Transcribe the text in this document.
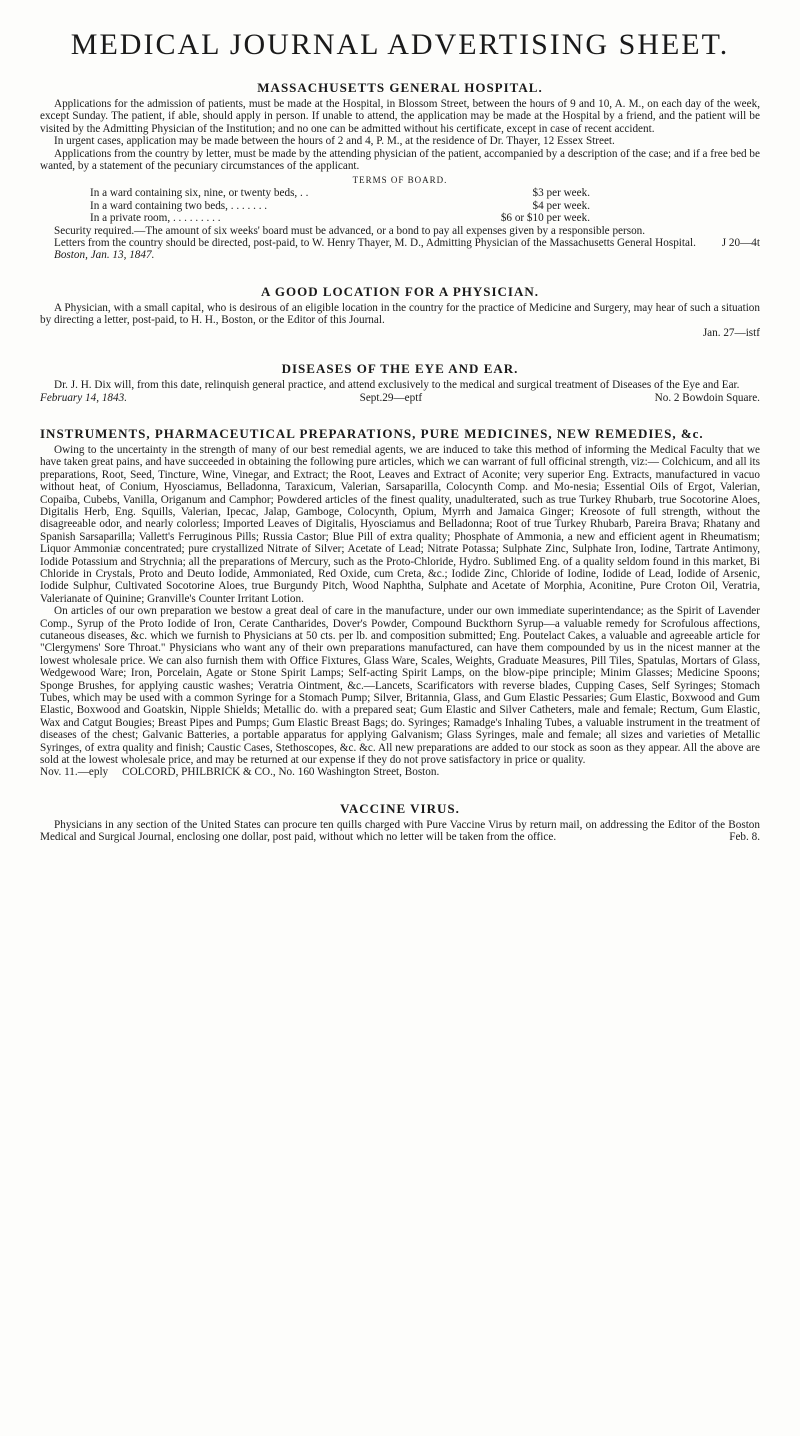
MEDICAL JOURNAL ADVERTISING SHEET.
MASSACHUSETTS GENERAL HOSPITAL.

Applications for the admission of patients, must be made at the Hospital, in Blossom Street, between the hours of 9 and 10, A. M., on each day of the week, except Sunday. The patient, if able, should apply in person. If unable to attend, the application may be made at the Hospital by a friend, and the patient will be visited by the Admitting Physician of the Institution; and no one can be admitted without his certificate, except in case of recent accident.

In urgent cases, application may be made between the hours of 2 and 4, P. M., at the residence of Dr. Thayer, 12 Essex Street.

Applications from the country by letter, must be made by the attending physician of the patient, accompanied by a description of the case; and if a free bed be wanted, by a statement of the pecuniary circumstances of the applicant.

TERMS OF BOARD.
In a ward containing six, nine, or twenty beds, . .	$3 per week.
In a ward containing two beds, . . . . . . .	$4 per week.
In a private room, . . . . . . . . .	$6 or $10 per week.

Security required.—The amount of six weeks' board must be advanced, or a bond to pay all expenses given by a responsible person.

Letters from the country should be directed, post-paid, to W. Henry Thayer, M. D., Admitting Physician of the Massachusetts General Hospital.	J 20—4t

Boston, Jan. 13, 1847.

A GOOD LOCATION FOR A PHYSICIAN.

A Physician, with a small capital, who is desirous of an eligible location in the country for the practice of Medicine and Surgery, may hear of such a situation by directing a letter, post-paid, to H. H., Boston, or the Editor of this Journal.

Jan. 27—istf

DISEASES OF THE EYE AND EAR.

Dr. J. H. Dix will, from this date, relinquish general practice, and attend exclusively to the medical and surgical treatment of Diseases of the Eye and Ear.

February 14, 1843.	Sept.29—eptf	No. 2 Bowdoin Square.
INSTRUMENTS, PHARMACEUTICAL PREPARATIONS, PURE MEDICINES, NEW REMEDIES, &c.

Owing to the uncertainty in the strength of many of our best remedial agents, we are induced to take this method of informing the Medical Faculty that we have taken great pains, and have succeeded in obtaining the following pure articles, which we can warrant of full officinal strength, viz:— Colchicum, and all its preparations, Root, Seed, Tincture, Wine, Vinegar, and Extract; the Root, Leaves and Extract of Aconite; very superior Eng. Extracts, manufactured in vacuo without heat, of Conium, Hyosciamus, Belladonna, Taraxicum, Valerian, Sarsaparilla, Colocynth Comp. and Mo-nesia; Essential Oils of Ergot, Valerian, Copaiba, Cubebs, Vanilla, Origanum and Camphor; Powdered articles of the finest quality, unadulterated, such as true Turkey Rhubarb, true Socotorine Aloes, Digitalis Herb, Eng. Squills, Valerian, Ipecac, Jalap, Gamboge, Colocynth, Opium, Myrrh and Jamaica Ginger; Kreosote of full strength, without the disagreeable odor, and nearly colorless; Imported Leaves of Digitalis, Hyosciamus and Belladonna; Root of true Turkey Rhubarb, Pareira Brava; Rhatany and Spanish Sarsaparilla; Vallett's Ferruginous Pills; Russia Castor; Blue Pill of extra quality; Phosphate of Ammonia, a new and efficient agent in Rheumatism; Liquor Ammoniæ concentrated; pure crystallized Nitrate of Silver; Acetate of Lead; Nitrate Potassa; Sulphate Zinc, Sulphate Iron, Iodine, Tartrate Antimony, Iodide Potassium and Strychnia; all the preparations of Mercury, such as the Proto-Chloride, Hydro. Sublimed Eng. of a quality seldom found in this market, Bi Chloride in Crystals, Proto and Deuto Iodide, Ammoniated, Red Oxide, cum Creta, &c.; Iodide Zinc, Chloride of Iodine, Iodide of Lead, Iodide of Arsenic, Iodide Sulphur, Cultivated Socotorine Aloes, true Burgundy Pitch, Wood Naphtha, Sulphate and Acetate of Morphia, Aconitine, Pure Croton Oil, Veratria, Valerianate of Quinine; Granville's Counter Irritant Lotion.

On articles of our own preparation we bestow a great deal of care in the manufacture, under our own immediate superintendance; as the Spirit of Lavender Comp., Syrup of the Proto Iodide of Iron, Cerate Cantharides, Dover's Powder, Compound Buckthorn Syrup—a valuable remedy for Scrofulous affections, cutaneous diseases, &c. which we furnish to Physicians at 50 cts. per lb. and composition submitted; Eng. Poutelact Cakes, a valuable and agreeable article for "Clergymens' Sore Throat." Physicians who want any of their own preparations manufactured, can have them compounded by us in the nicest manner at the lowest wholesale price. We can also furnish them with Office Fixtures, Glass Ware, Scales, Weights, Graduate Measures, Pill Tiles, Spatulas, Mortars of Glass, Wedgewood Ware; Iron, Porcelain, Agate or Stone Spirit Lamps; Self-acting Spirit Lamps, on the blow-pipe principle; Minim Glasses; Medicine Spoons; Sponge Brushes, for applying caustic washes; Veratria Ointment, &c.—Lancets, Scarificators with reverse blades, Cupping Cases, Self Syringes; Stomach Tubes, which may be used with a common Syringe for a Stomach Pump; Silver, Britannia, Glass, and Gum Elastic Pessaries; Gum Elastic, Boxwood and Gum Elastic, Boxwood and Goatskin, Nipple Shields; Metallic do. with a prepared seat; Gum Elastic and Silver Catheters, male and female; Rectum, Gum Elastic, Wax and Catgut Bougies; Breast Pipes and Pumps; Gum Elastic Breast Bags; do. Syringes; Ramadge's Inhaling Tubes, a valuable instrument in the treatment of diseases of the chest; Galvanic Batteries, a portable apparatus for applying Galvanism; Glass Syringes, male and female; all sizes and varieties of Metallic Syringes, of extra quality and finish; Caustic Cases, Stethoscopes, &c. &c. All new preparations are added to our stock as soon as they appear. All the above are sold at the lowest wholesale price, and may be returned at our expense if they do not prove satisfactory in price or quality.

Nov. 11.—eply     COLCORD, PHILBRICK & CO., No. 160 Washington Street, Boston.

VACCINE VIRUS.

Physicians in any section of the United States can procure ten quills charged with Pure Vaccine Virus by return mail, on addressing the Editor of the Boston Medical and Surgical Journal, enclosing one dollar, post paid, without which no letter will be taken from the office.	Feb. 8.
